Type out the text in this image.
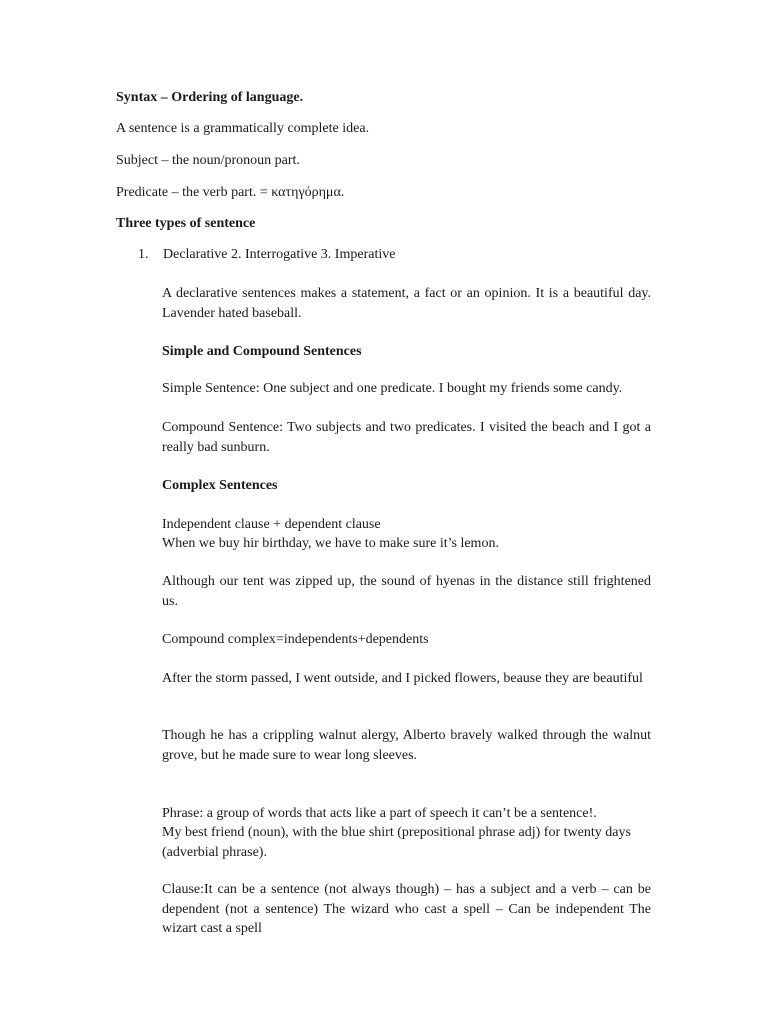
Syntax – Ordering of language.
A sentence is a grammatically complete idea.
Subject – the noun/pronoun part.
Predicate – the verb part. = κατηγόρημα.
Three types of sentence
1. Declarative 2. Interrogative 3. Imperative
A declarative sentences makes a statement, a fact or an opinion. It is a beautiful day. Lavender hated baseball.
Simple and Compound Sentences
Simple Sentence: One subject and one predicate. I bought my friends some candy.
Compound Sentence: Two subjects and two predicates. I visited the beach and I got a really bad sunburn.
Complex Sentences
Independent clause + dependent clause
When we buy hir birthday, we have to make sure it’s lemon.
Although our tent was zipped up, the sound of hyenas in the distance still frightened us.
Compound complex=independents+dependents
After the storm passed, I went outside, and I picked flowers, beause they are beautiful
Though he has a crippling walnut alergy, Alberto bravely walked through the walnut grove, but he made sure to wear long sleeves.
Phrase: a group of words that acts like a part of speech it can’t be a sentence!.
My best friend (noun), with the blue shirt (prepositional phrase adj) for twenty days (adverbial phrase).
Clause:It can be a sentence (not always though) – has a subject and a verb – can be dependent (not a sentence) The wizard who cast a spell – Can be independent The wizart cast a spell
